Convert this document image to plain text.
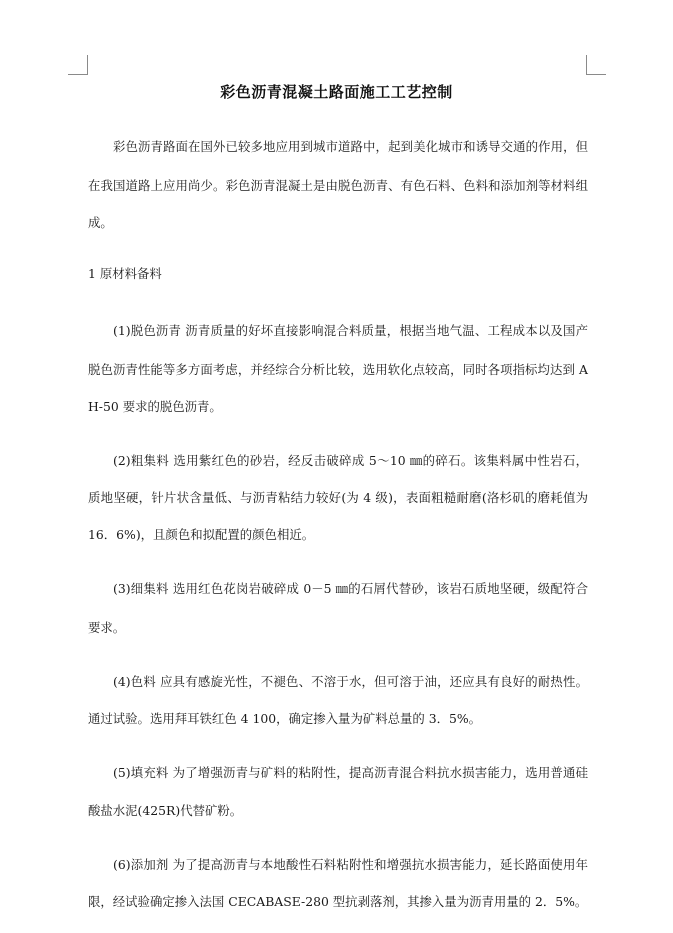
彩色沥青混凝土路面施工工艺控制
彩色沥青路面在国外已较多地应用到城市道路中，起到美化城市和诱导交通的作用，但
在我国道路上应用尚少。彩色沥青混凝土是由脱色沥青、有色石料、色料和添加剂等材料组
成。
1 原材料备料
(1)脱色沥青 沥青质量的好坏直接影响混合料质量，根据当地气温、工程成本以及国产
脱色沥青性能等多方面考虑，并经综合分析比较，选用软化点较高，同时各项指标均达到 A
H-50 要求的脱色沥青。
(2)粗集料 选用紫红色的砂岩，经反击破碎成 5～10 ㎜的碎石。该集料属中性岩石，
质地坚硬，针片状含量低、与沥青粘结力较好(为 4 级)，表面粗糙耐磨(洛杉矶的磨耗值为
16．6%)，且颜色和拟配置的颜色相近。
(3)细集料 选用红色花岗岩破碎成 0－5 ㎜的石屑代替砂，该岩石质地坚硬，级配符合
要求。
(4)色料 应具有感旋光性，不褪色、不溶于水，但可溶于油，还应具有良好的耐热性。
通过试验。选用拜耳铁红色 4 100，确定掺入量为矿料总量的 3．5%。
(5)填充料 为了增强沥青与矿料的粘附性，提高沥青混合料抗水损害能力，选用普通硅
酸盐水泥(425R)代替矿粉。
(6)添加剂 为了提高沥青与本地酸性石料粘附性和增强抗水损害能力，延长路面使用年
限，经试验确定掺入法国 CECABASE-280 型抗剥落剂，其掺入量为沥青用量的 2．5%。
